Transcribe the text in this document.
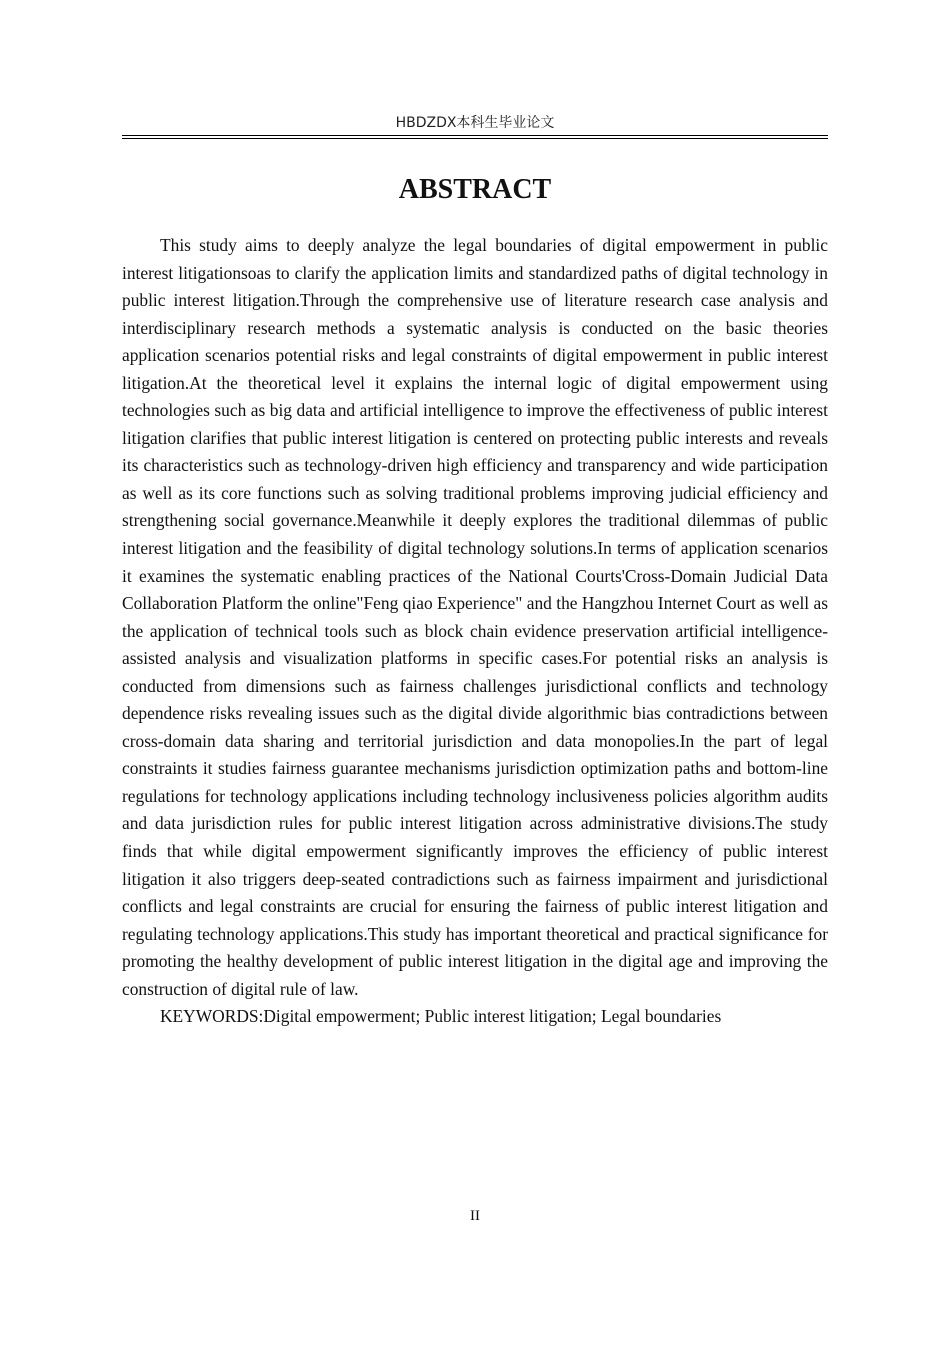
HBDZDX本科生毕业论文
ABSTRACT

This study aims to deeply analyze the legal boundaries of digital empowerment in public interest litigationsoas to clarify the application limits and standardized paths of digital technology in public interest litigation.Through the comprehensive use of literature research case analysis and interdisciplinary research methods a systematic analysis is conducted on the basic theories application scenarios potential risks and legal constraints of digital empowerment in public interest litigation.At the theoretical level it explains the internal logic of digital empowerment using technologies such as big data and artificial intelligence to improve the effectiveness of public interest litigation clarifies that public interest litigation is centered on protecting public interests and reveals its characteristics such as technology-driven high efficiency and transparency and wide participation as well as its core functions such as solving traditional problems improving judicial efficiency and strengthening social governance.Meanwhile it deeply explores the traditional dilemmas of public interest litigation and the feasibility of digital technology solutions.In terms of application scenarios it examines the systematic enabling practices of the National Courts'Cross-Domain Judicial Data Collaboration Platform the online"Feng qiao Experience" and the Hangzhou Internet Court as well as the application of technical tools such as block chain evidence preservation artificial intelligence-assisted analysis and visualization platforms in specific cases.For potential risks an analysis is conducted from dimensions such as fairness challenges jurisdictional conflicts and technology dependence risks revealing issues such as the digital divide algorithmic bias contradictions between cross-domain data sharing and territorial jurisdiction and data monopolies.In the part of legal constraints it studies fairness guarantee mechanisms jurisdiction optimization paths and bottom-line regulations for technology applications including technology inclusiveness policies algorithm audits and data jurisdiction rules for public interest litigation across administrative divisions.The study finds that while digital empowerment significantly improves the efficiency of public interest litigation it also triggers deep-seated contradictions such as fairness impairment and jurisdictional conflicts and legal constraints are crucial for ensuring the fairness of public interest litigation and regulating technology applications.This study has important theoretical and practical significance for promoting the healthy development of public interest litigation in the digital age and improving the construction of digital rule of law.

KEYWORDS:Digital empowerment; Public interest litigation; Legal boundaries

II
